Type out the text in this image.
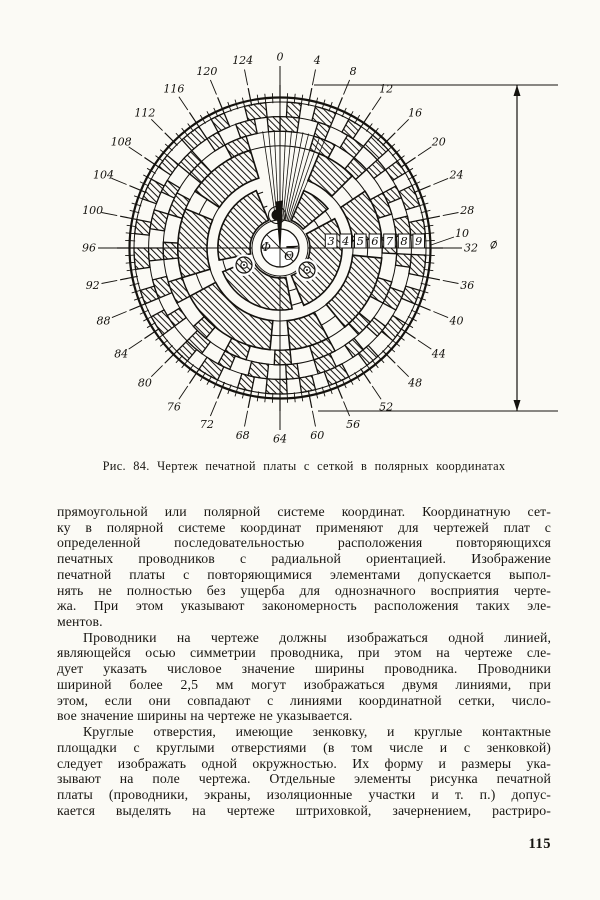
Ф
Θ
0	4
8
12
16
20
24
28
32
36
40
44
48
52
56
60
64
68
72
76
80
84
88
92
96
100
104
108
112
116
120
124
3 4 5 6 7 8 9
10
⌀
Рис. 84. Чертеж печатной платы с сеткой в полярных координатах
прямоугольной или полярной системе координат. Координатную сет-
ку в полярной системе координат применяют для чертежей плат с
определенной последовательностью расположения повторяющихся
печатных проводников с радиальной ориентацией. Изображение
печатной платы с повторяющимися элементами допускается выпол-
нять не полностью без ущерба для однозначного восприятия черте-
жа. При этом указывают закономерность расположения таких эле-
ментов.
Проводники на чертеже должны изображаться одной линией,
являющейся осью симметрии проводника, при этом на чертеже сле-
дует указать числовое значение ширины проводника. Проводники
шириной более 2,5 мм могут изображаться двумя линиями, при
этом, если они совпадают с линиями координатной сетки, число-
вое значение ширины на чертеже не указывается.
Круглые отверстия, имеющие зенковку, и круглые контактные
площадки с круглыми отверстиями (в том числе и с зенковкой)
следует изображать одной окружностью. Их форму и размеры ука-
зывают на поле чертежа. Отдельные элементы рисунка печатной
платы (проводники, экраны, изоляционные участки и т. п.) допус-
кается выделять на чертеже штриховкой, зачернением, растриро-
115
